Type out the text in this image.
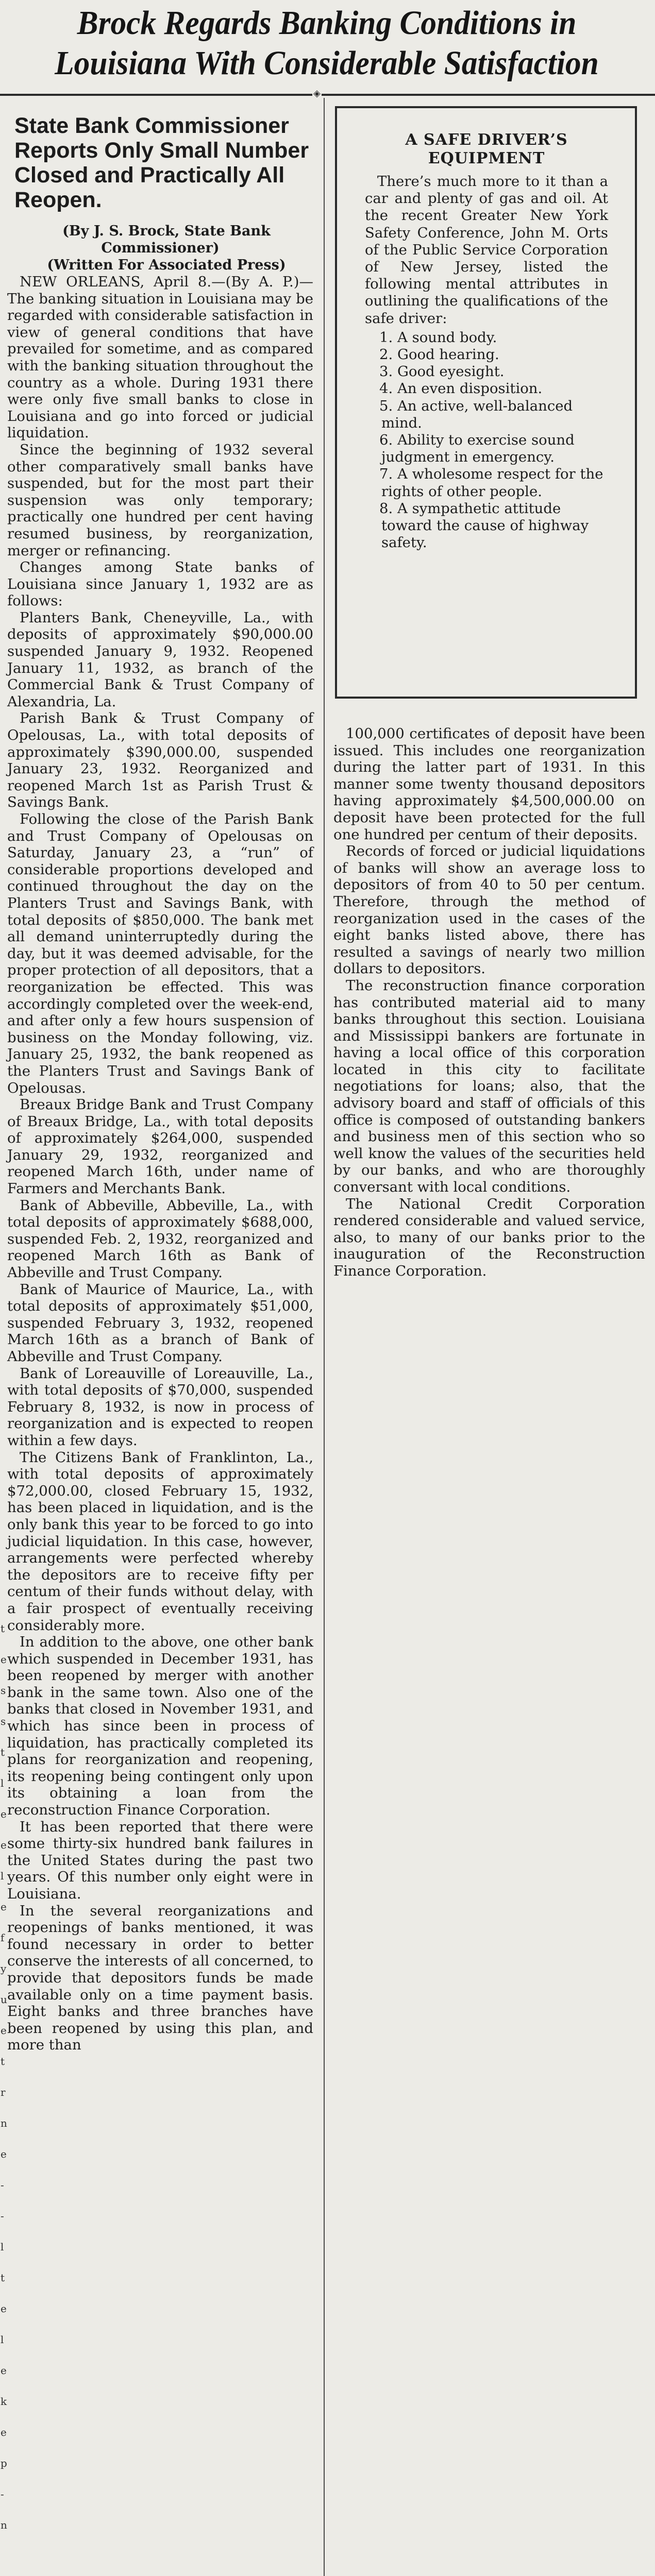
Brock Regards Banking Conditions in
Louisiana With Considerable Satisfaction
◈
State Bank Commissioner Reports Only Small Number Closed and Practically All Reopen.

(By J. S. Brock, State Bank Commissioner)

(Written For Associated Press)

NEW ORLEANS, April 8.—(By A. P.)—The banking situation in Louisiana may be regarded with considerable satisfaction in view of general conditions that have prevailed for sometime, and as compared with the banking situation throughout the country as a whole. During 1931 there were only five small banks to close in Louisiana and go into forced or judicial liquidation.

Since the beginning of 1932 several other comparatively small banks have suspended, but for the most part their suspension was only temporary; practically one hundred per cent having resumed business, by reorganization, merger or refinancing.

Changes among State banks of Louisiana since January 1, 1932 are as follows:

Planters Bank, Cheneyville, La., with deposits of approximately $90,000.00 suspended January 9, 1932. Reopened January 11, 1932, as branch of the Commercial Bank & Trust Company of Alexandria, La.

Parish Bank & Trust Company of Opelousas, La., with total deposits of approximately $390,000.00, suspended January 23, 1932. Reorganized and reopened March 1st as Parish Trust & Savings Bank.

Following the close of the Parish Bank and Trust Company of Opelousas on Saturday, January 23, a “run” of considerable proportions developed and continued throughout the day on the Planters Trust and Savings Bank, with total deposits of $850,000. The bank met all demand uninterruptedly during the day, but it was deemed advisable, for the proper protection of all depositors, that a reorganization be effected. This was accordingly completed over the week-end, and after only a few hours suspension of business on the Monday following, viz. January 25, 1932, the bank reopened as the Planters Trust and Savings Bank of Opelousas.

Breaux Bridge Bank and Trust Company of Breaux Bridge, La., with total deposits of approximately $264,000, suspended January 29, 1932, reorganized and reopened March 16th, under name of Farmers and Merchants Bank.

Bank of Abbeville, Abbeville, La., with total deposits of approximately $688,000, suspended Feb. 2, 1932, reorganized and reopened March 16th as Bank of Abbeville and Trust Company.

Bank of Maurice of Maurice, La., with total deposits of approximately $51,000, suspended February 3, 1932, reopened March 16th as a branch of Bank of Abbeville and Trust Company.

Bank of Loreauville of Loreauville, La., with total deposits of $70,000, suspended February 8, 1932, is now in process of reorganization and is expected to reopen within a few days.

The Citizens Bank of Franklinton, La., with total deposits of approximately $72,000.00, closed February 15, 1932, has been placed in liquidation, and is the only bank this year to be forced to go into judicial liquidation. In this case, however, arrangements were perfected whereby the depositors are to receive fifty per centum of their funds without delay, with a fair prospect of eventually receiving considerably more.

In addition to the above, one other bank which suspended in December 1931, has been reopened by merger with another bank in the same town. Also one of the banks that closed in November 1931, and which has since been in process of liquidation, has practically completed its plans for reorganization and reopening, its reopening being contingent only upon its obtaining a loan from the reconstruction Finance Corporation.

It has been reported that there were some thirty-six hundred bank failures in the United States during the past two years. Of this number only eight were in Louisiana.

In the several reorganizations and reopenings of banks mentioned, it was found necessary in order to better conserve the interests of all concerned, to provide that depositors funds be made available only on a time payment basis. Eight banks and three branches have been reopened by using this plan, and more than

A SAFE DRIVER’S
EQUIPMENT

There’s much more to it than a car and plenty of gas and oil. At the recent Greater New York Safety Conference, John M. Orts of the Public Service Corporation of New Jersey, listed the following mental attributes in outlining the qualifications of the safe driver:

1. A sound body.
2. Good hearing.
3. Good eyesight.
4. An even disposition.
5. An active, well-balanced mind.
6. Ability to exercise sound judgment in emergency.
7. A wholesome respect for the rights of other people.
8. A sympathetic attitude toward the cause of highway safety.

100,000 certificates of deposit have been issued. This includes one reorganization during the latter part of 1931. In this manner some twenty thousand depositors having approximately $4,500,000.00 on deposit have been protected for the full one hundred per centum of their deposits.

Records of forced or judicial liquidations of banks will show an average loss to depositors of from 40 to 50 per centum. Therefore, through the method of reorganization used in the cases of the eight banks listed above, there has resulted a savings of nearly two million dollars to depositors.

The reconstruction finance corporation has contributed material aid to many banks throughout this section. Louisiana and Mississippi bankers are fortunate in having a local office of this corporation located in this city to facilitate negotiations for loans; also, that the advisory board and staff of officials of this office is composed of outstanding bankers and business men of this section who so well know the values of the securities held by our banks, and who are thoroughly conversant with local conditions.

The National Credit Corporation rendered considerable and valued service, also, to many of our banks prior to the inauguration of the Reconstruction Finance Corporation.

t
e
s
s
t
l
e
e
l
e
f
y
u
e
t
r
n
e
-
-
l
t
e
l
e
k
e
p
-
n
